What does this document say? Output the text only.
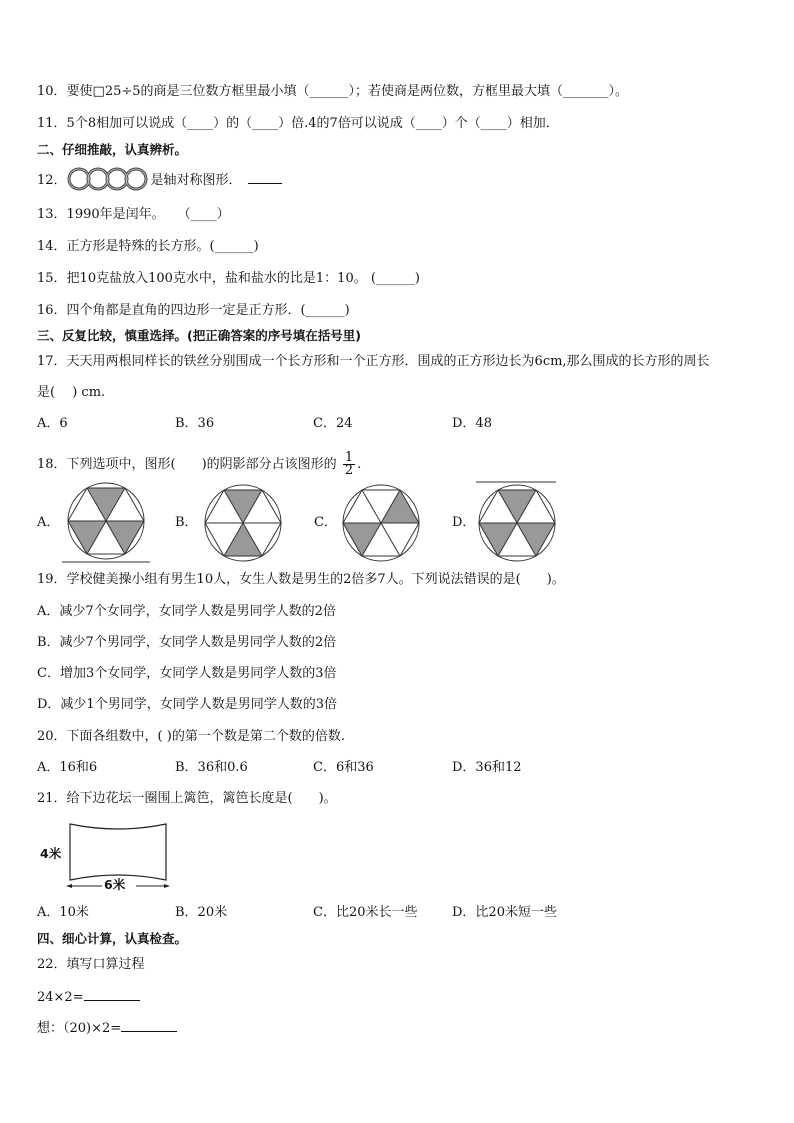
10．要使□25÷5的商是三位数方框里最小填（______）；若使商是两位数，方框里最大填（_______）。
11．5个8相加可以说成（____）的（____）倍.4的7倍可以说成（____）个（____）相加．
二、仔细推敲，认真辨析。
12．	是轴对称图形．
13．1990年是闰年。　　（____）
14．正方形是特殊的长方形。(______)
15．把10克盐放入100克水中，盐和盐水的比是1：10。 (______)
16．四个角都是直角的四边形一定是正方形．(______)
三、反复比较，慎重选择。(把正确答案的序号填在括号里)
17．天天用两根同样长的铁丝分别围成一个长方形和一个正方形．围成的正方形边长为6cm,那么围成的长方形的周长
是(　 ) cm.
A．6	B．36	C．24	D．48
18．下列选项中，图形(　　)的阴影部分占该图形的 $\frac{1}{2}$ .
A．	B．	C．	D．
19．学校健美操小组有男生10人，女生人数是男生的2倍多7人。下列说法错误的是(　　)。
A．减少7个女同学，女同学人数是男同学人数的2倍
B．减少7个男同学，女同学人数是男同学人数的2倍
C．增加3个女同学，女同学人数是男同学人数的3倍
D．减少1个男同学，女同学人数是男同学人数的3倍
20．下面各组数中，( )的第一个数是第二个数的倍数.
A．16和6	B．36和0.6	C．6和36	D．36和12
21．给下边花坛一圈围上篱笆，篱笆长度是(　　)。
4米
6米
A．10米	B．20米	C．比20米长一些	D．比20米短一些
四、细心计算，认真检查。
22．填写口算过程
24×2=
想：（20)×2=
